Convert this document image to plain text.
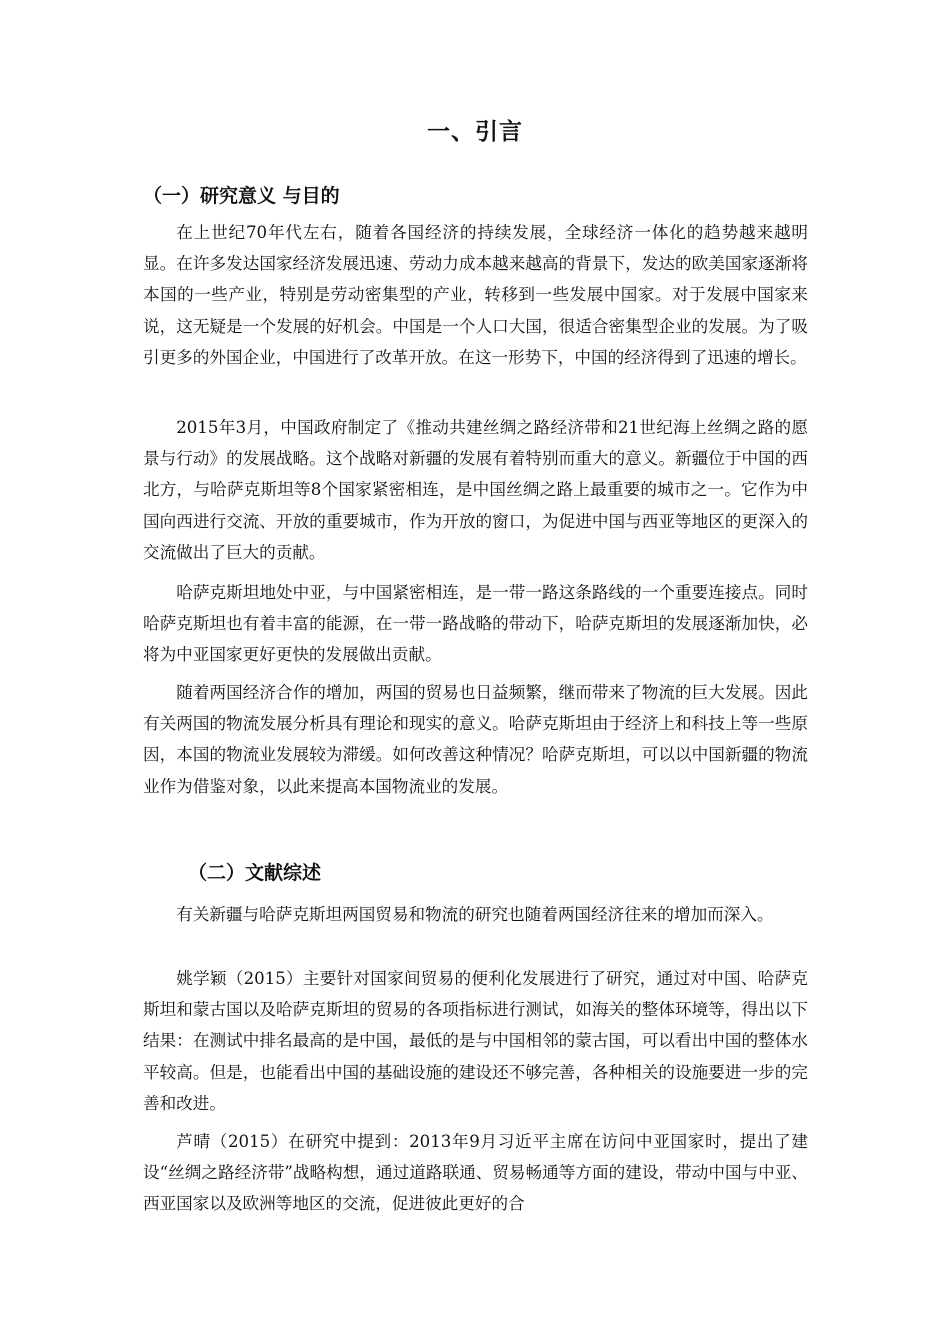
一、引言
（一）研究意义 与目的

在上世纪70年代左右，随着各国经济的持续发展，全球经济一体化的趋势越来越明显。在许多发达国家经济发展迅速、劳动力成本越来越高的背景下，发达的欧美国家逐渐将本国的一些产业，特别是劳动密集型的产业，转移到一些发展中国家。对于发展中国家来说，这无疑是一个发展的好机会。中国是一个人口大国，很适合密集型企业的发展。为了吸引更多的外国企业，中国进行了改革开放。在这一形势下，中国的经济得到了迅速的增长。

2015年3月，中国政府制定了《推动共建丝绸之路经济带和21世纪海上丝绸之路的愿景与行动》的发展战略。这个战略对新疆的发展有着特别而重大的意义。新疆位于中国的西北方，与哈萨克斯坦等8个国家紧密相连，是中国丝绸之路上最重要的城市之一。它作为中国向西进行交流、开放的重要城市，作为开放的窗口，为促进中国与西亚等地区的更深入的交流做出了巨大的贡献。

哈萨克斯坦地处中亚，与中国紧密相连，是一带一路这条路线的一个重要连接点。同时哈萨克斯坦也有着丰富的能源，在一带一路战略的带动下，哈萨克斯坦的发展逐渐加快，必将为中亚国家更好更快的发展做出贡献。

随着两国经济合作的增加，两国的贸易也日益频繁，继而带来了物流的巨大发展。因此有关两国的物流发展分析具有理论和现实的意义。哈萨克斯坦由于经济上和科技上等一些原因，本国的物流业发展较为滞缓。如何改善这种情况？哈萨克斯坦，可以以中国新疆的物流业作为借鉴对象，以此来提高本国物流业的发展。

（二）文献综述

有关新疆与哈萨克斯坦两国贸易和物流的研究也随着两国经济往来的增加而深入。

姚学颖（2015）主要针对国家间贸易的便利化发展进行了研究，通过对中国、哈萨克斯坦和蒙古国以及哈萨克斯坦的贸易的各项指标进行测试，如海关的整体环境等，得出以下结果：在测试中排名最高的是中国，最低的是与中国相邻的蒙古国，可以看出中国的整体水平较高。但是，也能看出中国的基础设施的建设还不够完善，各种相关的设施要进一步的完善和改进。

芦晴（2015）在研究中提到：2013年9月习近平主席在访问中亚国家时，提出了建设“丝绸之路经济带”战略构想，通过道路联通、贸易畅通等方面的建设，带动中国与中亚、西亚国家以及欧洲等地区的交流，促进彼此更好的合
